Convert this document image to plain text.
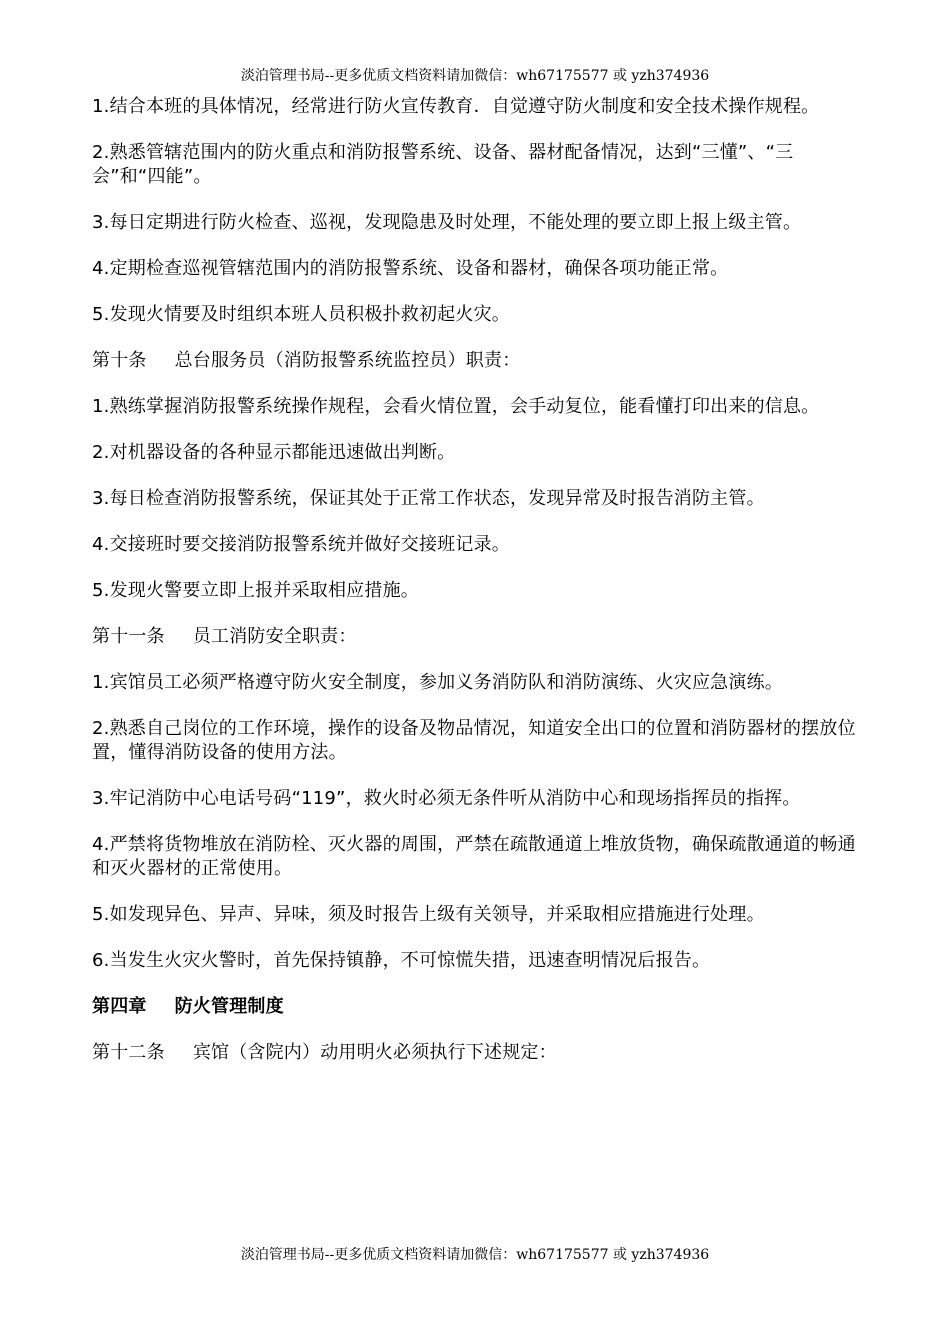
淡泊管理书局--更多优质文档资料请加微信：wh67175577 或 yzh374936

1.结合本班的具体情况，经常进行防火宣传教育．自觉遵守防火制度和安全技术操作规程。

2.熟悉管辖范围内的防火重点和消防报警系统、设备、器材配备情况，达到“三懂”、“三会”和“四能”。

3.每日定期进行防火检查、巡视，发现隐患及时处理，不能处理的要立即上报上级主管。

4.定期检查巡视管辖范围内的消防报警系统、设备和器材，确保各项功能正常。

5.发现火情要及时组织本班人员积极扑救初起火灾。

第十条 总台服务员（消防报警系统监控员）职责：

1.熟练掌握消防报警系统操作规程，会看火情位置，会手动复位，能看懂打印出来的信息。

2.对机器设备的各种显示都能迅速做出判断。

3.每日检查消防报警系统，保证其处于正常工作状态，发现异常及时报告消防主管。

4.交接班时要交接消防报警系统并做好交接班记录。

5.发现火警要立即上报并采取相应措施。

第十一条 员工消防安全职责：

1.宾馆员工必须严格遵守防火安全制度，参加义务消防队和消防演练、火灾应急演练。

2.熟悉自己岗位的工作环境，操作的设备及物品情况，知道安全出口的位置和消防器材的摆放位置，懂得消防设备的使用方法。

3.牢记消防中心电话号码“119”，救火时必须无条件听从消防中心和现场指挥员的指挥。

4.严禁将货物堆放在消防栓、灭火器的周围，严禁在疏散通道上堆放货物，确保疏散通道的畅通和灭火器材的正常使用。

5.如发现异色、异声、异味，须及时报告上级有关领导，并采取相应措施进行处理。

6.当发生火灾火警时，首先保持镇静，不可惊慌失措，迅速查明情况后报告。

第四章 防火管理制度

第十二条 宾馆（含院内）动用明火必须执行下述规定：

淡泊管理书局--更多优质文档资料请加微信：wh67175577 或 yzh374936
